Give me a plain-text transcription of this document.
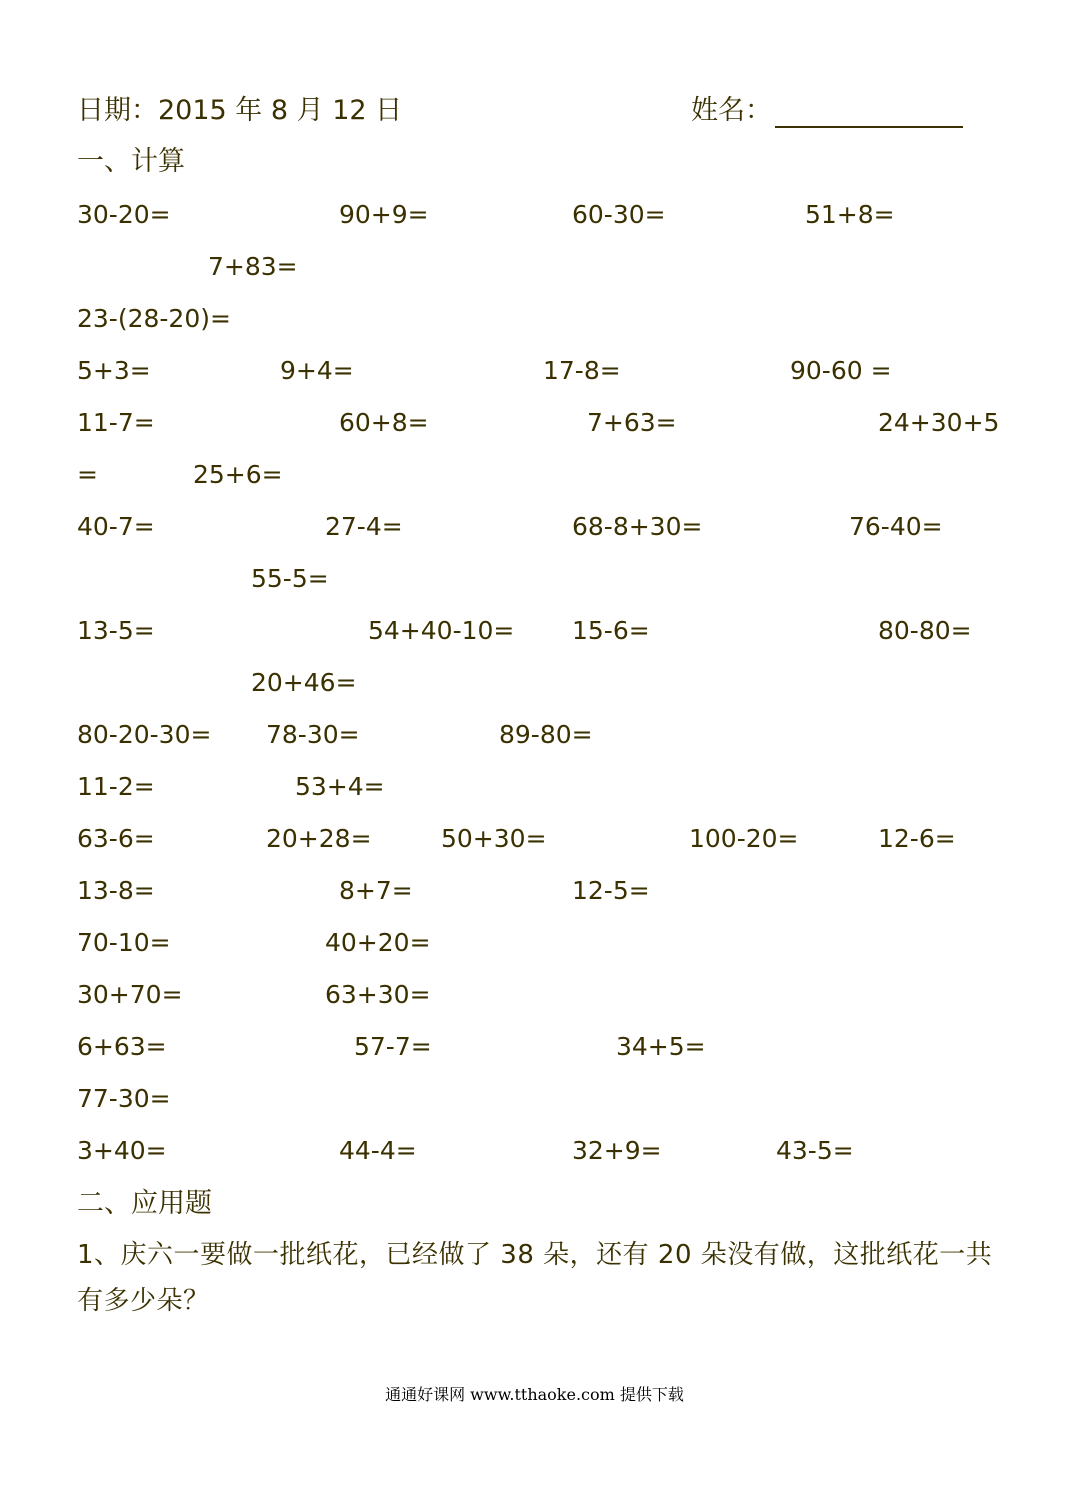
日期：2015 年 8 月 12 日	姓名：
一、计算
30-20=	90+9=	60-30=	51+8=
7+83=
23-(28-20)=
5+3=	9+4=	17-8=	90-60 =
11-7=	60+8=	7+63=	24+30+5
=	25+6=
40-7=	27-4=	68-8+30=	76-40=
55-5=
13-5=	54+40-10= 15-6=	80-80=
20+46=
80-20-30= 78-30=	89-80=
11-2=	53+4=
63-6=	20+28=	50+30=	100-20=	12-6=
13-8=	8+7=	12-5=
70-10=	40+20=
30+70=	63+30=
6+63=	57-7=	34+5=
77-30=
3+40=	44-4=	32+9=	43-5=
二、应用题
1、庆六一要做一批纸花，已经做了 38 朵，还有 20 朵没有做，这批纸花一共有多少朵？
通通好课网 www.tthaoke.com 提供下载
